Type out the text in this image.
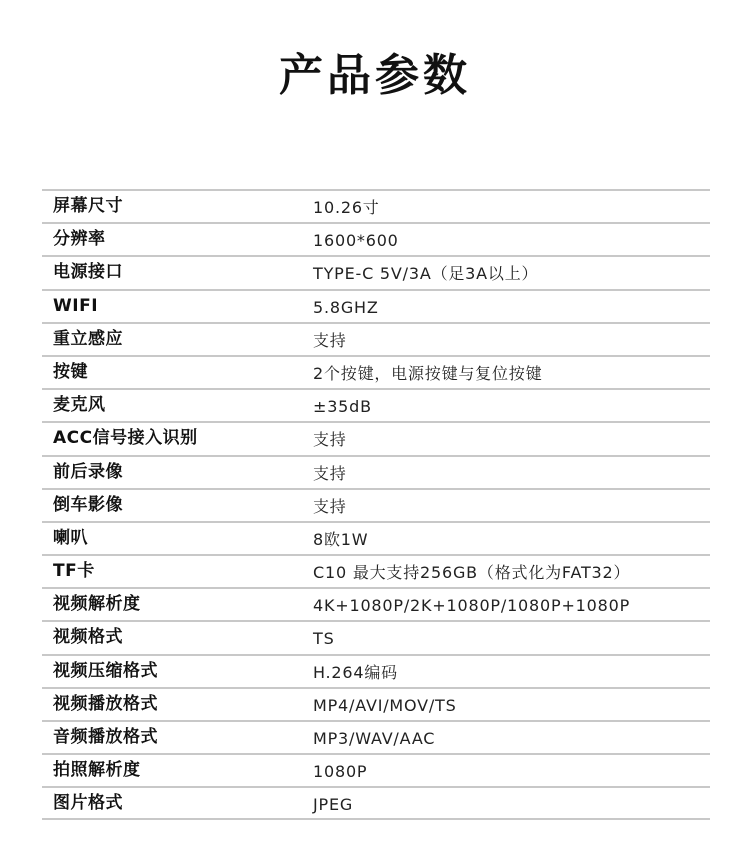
产品参数
屏幕尺寸	10.26寸
分辨率	1600*600
电源接口	TYPE-C 5V/3A（足3A以上）
WIFI	5.8GHZ
重立感应	支持
按键	2个按键，电源按键与复位按键
麦克风	±35dB
ACC信号接入识别	支持
前后录像	支持
倒车影像	支持
喇叭	8欧1W
TF卡	C10 最大支持256GB（格式化为FAT32）
视频解析度	4K+1080P/2K+1080P/1080P+1080P
视频格式	TS
视频压缩格式	H.264编码
视频播放格式	MP4/AVI/MOV/TS
音频播放格式	MP3/WAV/AAC
拍照解析度	1080P
图片格式	JPEG
